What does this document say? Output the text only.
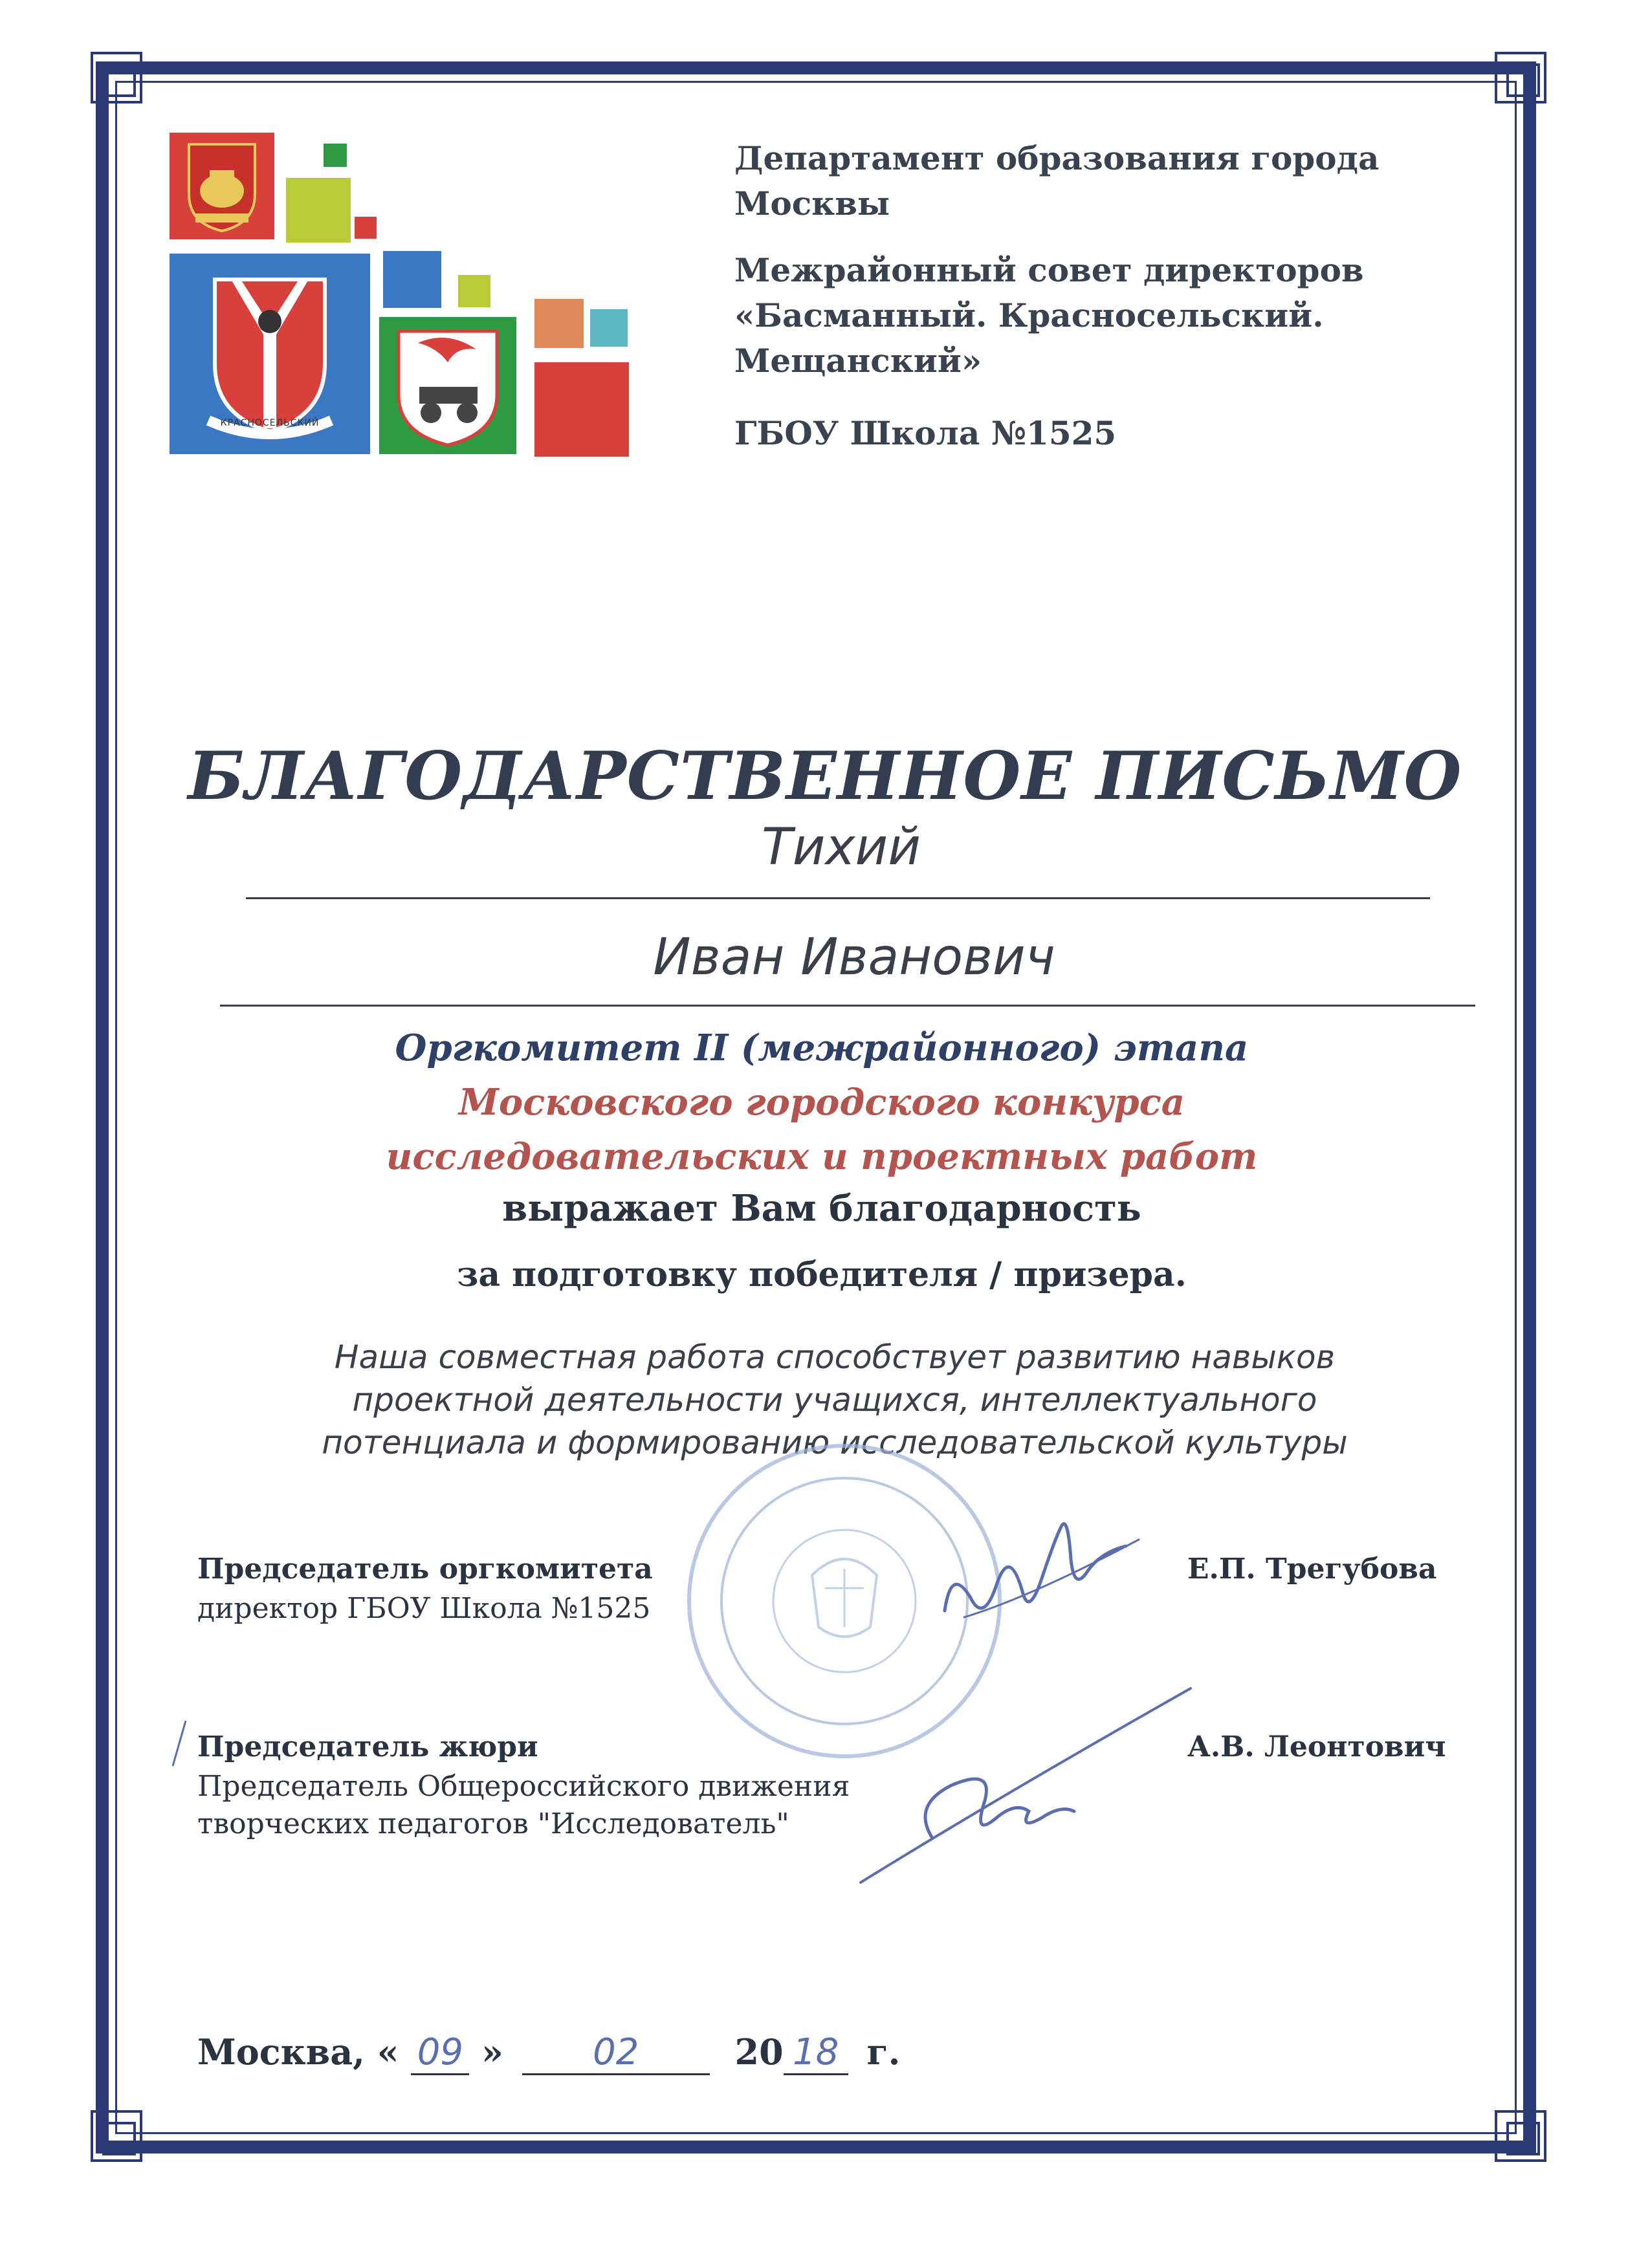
КРАСНОСЕЛЬСКИЙ
Департамент образования города
Москвы
Межрайонный совет директоров
«Басманный. Красносельский.
Мещанский»
ГБОУ Школа №1525
БЛАГОДАРСТВЕННОЕ ПИСЬМО
Тихий
Иван Иванович
Оргкомитет II (межрайонного) этапа
Московского городского конкурса
исследовательских и проектных работ
выражает Вам благодарность
за подготовку победителя / призера.
Наша совместная работа способствует развитию навыков
проектной деятельности учащихся, интеллектуального
потенциала и формированию исследовательской культуры
Председатель оргкомитета
директор ГБОУ Школа №1525
Е.П. Трегубова
Председатель жюри
Председатель Общероссийского движения
творческих педагогов "Исследователь"
А.В. Леонтович
Москва, « 09 » 02	20 18 г.
